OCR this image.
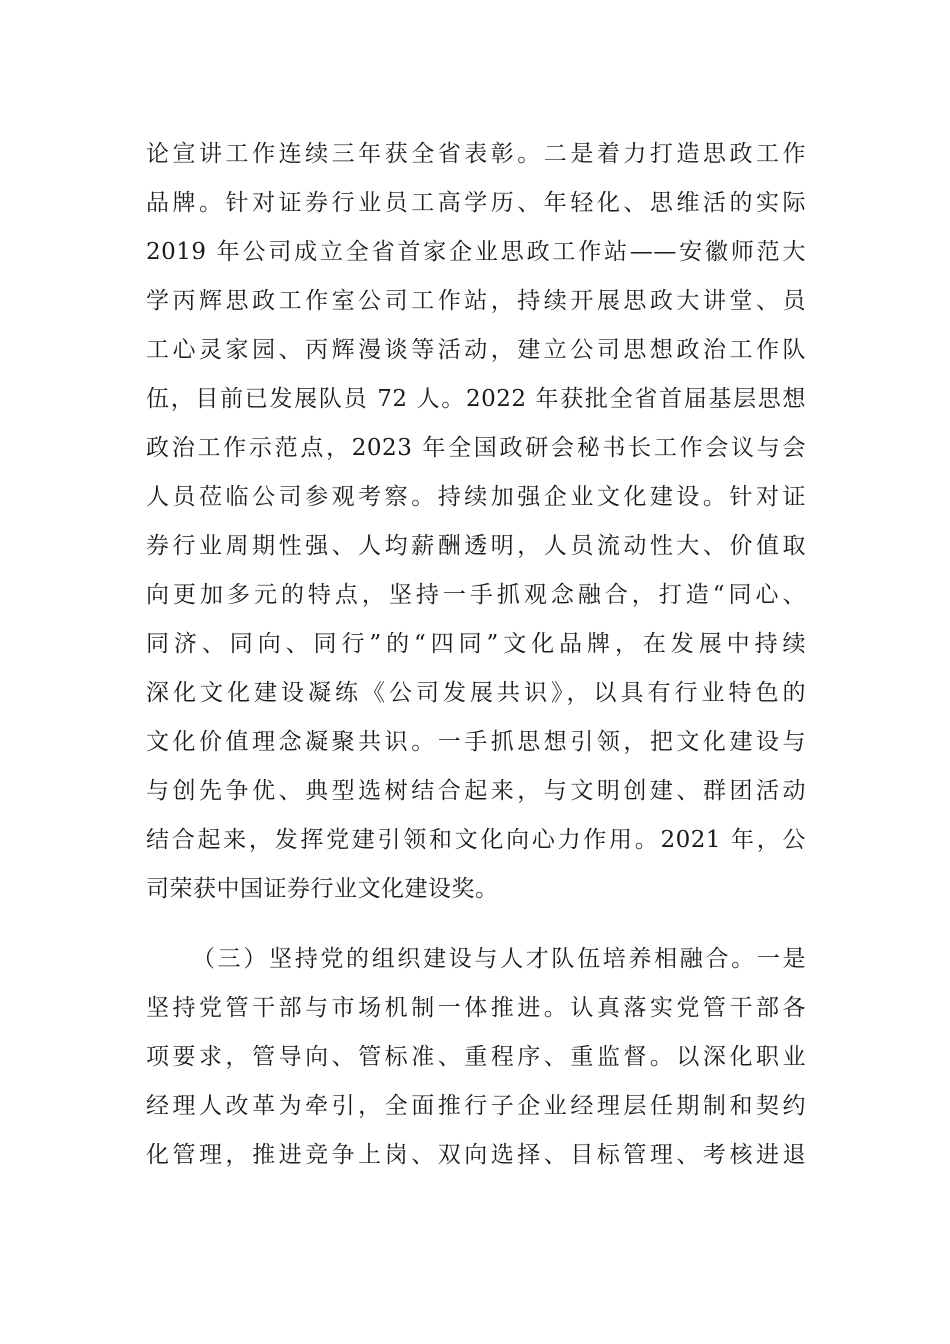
论宣讲工作连续三年获全省表彰。二是着力打造思政工作
品牌。针对证券行业员工高学历、年轻化、思维活的实际
2019 年公司成立全省首家企业思政工作站——安徽师范大
学丙辉思政工作室公司工作站，持续开展思政大讲堂、员
工心灵家园、丙辉漫谈等活动，建立公司思想政治工作队
伍，目前已发展队员 72 人。2022 年获批全省首届基层思想
政治工作示范点，2023 年全国政研会秘书长工作会议与会
人员莅临公司参观考察。持续加强企业文化建设。针对证
券行业周期性强、人均薪酬透明，人员流动性大、价值取
向更加多元的特点，坚持一手抓观念融合，打造“同心、
同济、同向、同行”的“四同”文化品牌，在发展中持续
深化文化建设凝练《公司发展共识》，以具有行业特色的
文化价值理念凝聚共识。一手抓思想引领，把文化建设与
与创先争优、典型选树结合起来，与文明创建、群团活动
结合起来，发挥党建引领和文化向心力作用。2021 年，公
司荣获中国证券行业文化建设奖。
（三）坚持党的组织建设与人才队伍培养相融合。一是
坚持党管干部与市场机制一体推进。认真落实党管干部各
项要求，管导向、管标准、重程序、重监督。以深化职业
经理人改革为牵引，全面推行子企业经理层任期制和契约
化管理，推进竞争上岗、双向选择、目标管理、考核进退
